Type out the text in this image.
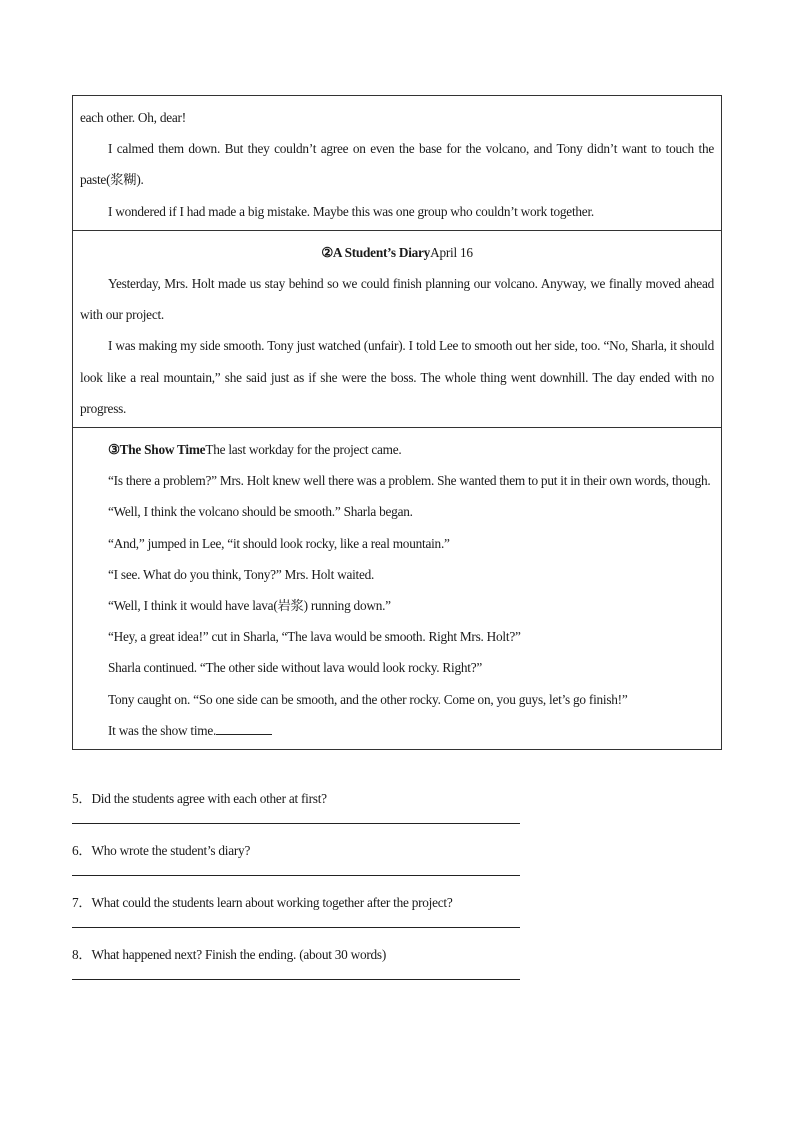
each other. Oh, dear!

I calmed them down. But they couldn’t agree on even the base for the volcano, and Tony didn’t want to touch the paste(浆糊).

I wondered if I had made a big mistake. Maybe this was one group who couldn’t work together.

②A Student’s DiaryApril 16

Yesterday, Mrs. Holt made us stay behind so we could finish planning our volcano. Anyway, we finally moved ahead with our project.

I was making my side smooth. Tony just watched (unfair). I told Lee to smooth out her side, too. “No, Sharla, it should look like a real mountain,” she said just as if she were the boss. The whole thing went downhill. The day ended with no progress.

③The Show TimeThe last workday for the project came.

“Is there a problem?” Mrs. Holt knew well there was a problem. She wanted them to put it in their own words, though.

“Well, I think the volcano should be smooth.” Sharla began.

“And,” jumped in Lee, “it should look rocky, like a real mountain.”

“I see. What do you think, Tony?” Mrs. Holt waited.

“Well, I think it would have lava(岩浆) running down.”

“Hey, a great idea!” cut in Sharla, “The lava would be smooth. Right Mrs. Holt?”

Sharla continued. “The other side without lava would look rocky. Right?”

Tony caught on. “So one side can be smooth, and the other rocky. Come on, you guys, let’s go finish!”

It was the show time.

5．Did the students agree with each other at first?

6．Who wrote the student’s diary?

7．What could the students learn about working together after the project?

8．What happened next? Finish the ending. (about 30 words)
